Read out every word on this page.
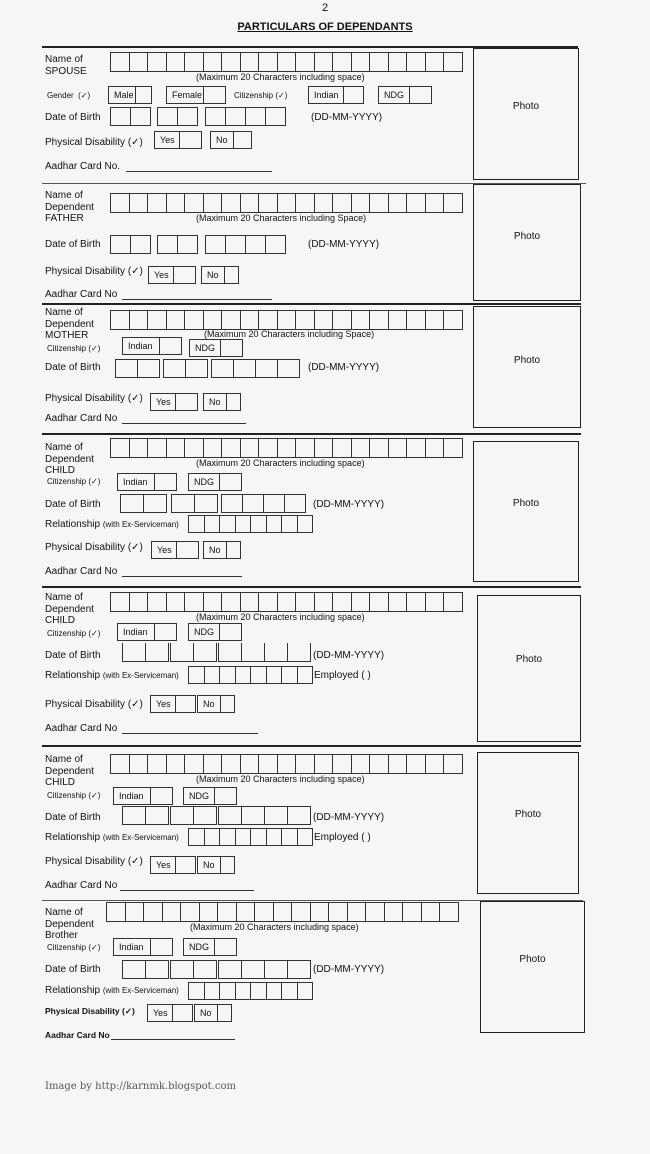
2
PARTICULARS OF DEPENDANTS
Name of
SPOUSE
(Maximum 20 Characters including space)
Gender (✓)	Male	Female	Citizenship (✓)	Indian	NDG
Date of Birth	(DD-MM-YYYY)
Physical Disability (✓)	Yes	No
Aadhar Card No.
Photo
Name of
Dependent
FATHER	(Maximum 20 Characters including Space)
Date of Birth	(DD-MM-YYYY)
Physical Disability (✓)	Yes	No
Aadhar Card No
Photo
Name of
Dependent
MOTHER	(Maximum 20 Characters including Space)
Citizenship (✓)	Indian	NDG
Date of Birth	(DD-MM-YYYY)
Physical Disability (✓)	Yes	No
Aadhar Card No
Photo
Name of
Dependent
CHILD
(Maximum 20 Characters including space)
Citizenship (✓)	Indian	NDG
Date of Birth	(DD-MM-YYYY)
Relationship (with Ex-Serviceman)
Physical Disability (✓)	Yes	No
Aadhar Card No
Photo
Name of
Dependent
CHILD	(Maximum 20 Characters including space)
Citizenship (✓)	Indian	NDG
Date of Birth	(DD-MM-YYYY)
Relationship (with Ex-Serviceman)	Employed ( )
Physical Disability (✓)	Yes	No
Aadhar Card No
Photo
Name of
Dependent
CHILD	(Maximum 20 Characters including space)
Citizenship (✓)	Indian	NDG
Date of Birth	(DD-MM-YYYY)
Relationship (with Ex-Serviceman)	Employed ( )
Physical Disability (✓)	Yes	No
Aadhar Card No
Photo
Name of
Dependent
Brother
(Maximum 20 Characters including space)
Citizenship (✓)	Indian	NDG
Date of Birth	(DD-MM-YYYY)
Relationship (with Ex-Serviceman)
Physical Disability (✓)	Yes	No
Aadhar Card No
Photo
Image by http://karnmk.blogspot.com
